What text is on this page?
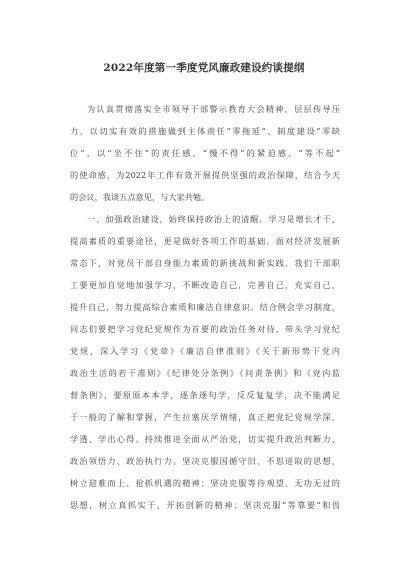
2022年度第一季度党风廉政建设约谈提纲
为认真贯彻落实全市领导干部警示教育大会精神，层层传导压
力，以切实有效的措施做到主体责任“零拖延”、制度建设“零缺
位”，以“坐不住”的责任感、“慢不得”的紧迫感、“等不起”
的使命感，为2022年工作有效开展提供坚强的政治保障，结合今天
的会议，我谈五点意见，与大家共勉。
一、加强政治建设，始终保持政治上的清醒。学习是增长才干、
提高素质的重要途径，更是做好各项工作的基础。面对经济发展新
常态下，对党员干部自身能力素质的新挑战和新实践，我们干部职
工要更加自觉地加强学习，不断改造自己，完善自己，充实自己，
提升自己，努力提高综合素质和廉洁自律意识。结合例会学习制度，
同志们要把学习党纪党规作为首要的政治任务对待，带头学习党纪
党规，深入学习《党章》《廉洁自律准则》《关于新形势下党内
政治生活的若干准则》《纪律处分条例》《问责条例》和《党内监
督条例》，要原原本本学，逐条逐句学，反反复复学，决不能满足
于一般的了解和掌握，产生拉塞厌学情绪，真正把党纪党规学深、
学透、学出心得。持续推进全面从严治党，切实提升政治判断力、
政治领悟力、政治执行力。坚决克服因循守旧、不思进取的思想，
树立迎难而上、抢抓机遇的精神；坚决克服等待观望、无功无过的
思想，树立真抓实干、开拓创新的精神；坚决克服“等靠要”和畏
